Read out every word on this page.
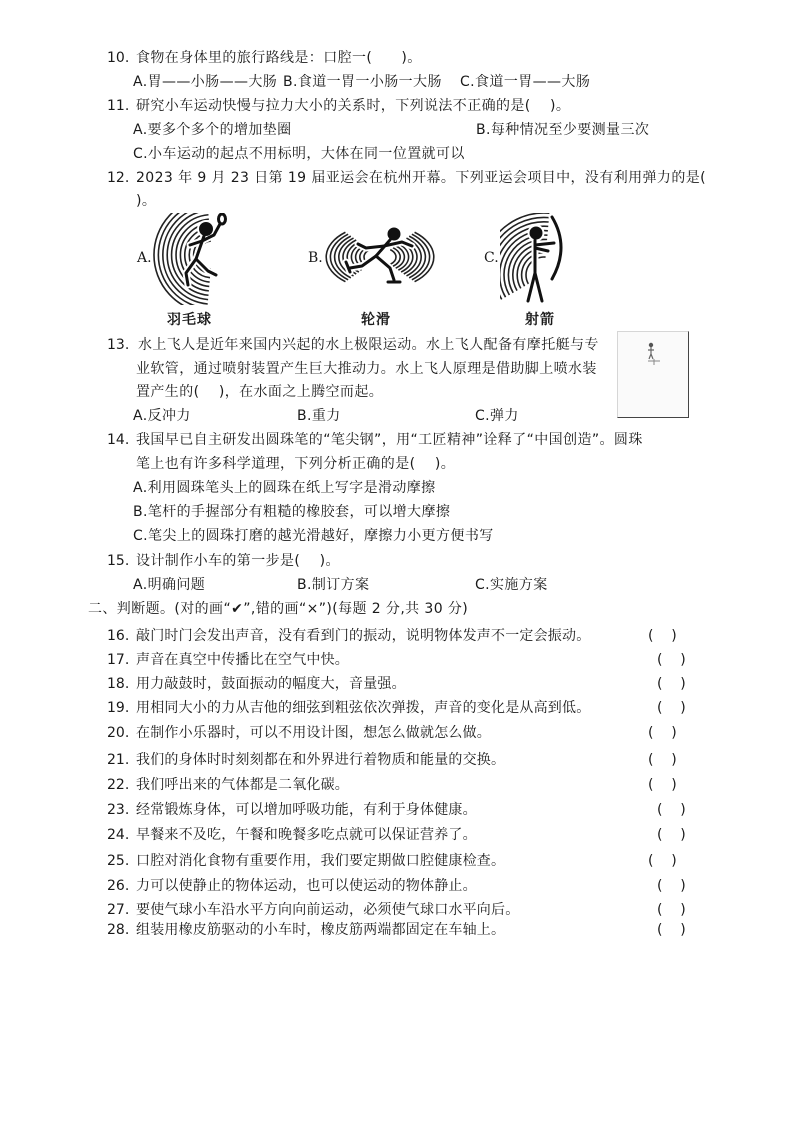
10. 食物在身体里的旅行路线是：口腔一(      )。
A.胃——小肠——大肠 B.食道一胃一小肠一大肠 C.食道一胃——大肠
11. 研究小车运动快慢与拉力大小的关系时，下列说法不正确的是(    )。
A.要多个多个的增加垫圈	B.每种情况至少要测量三次
C.小车运动的起点不用标明，大体在同一位置就可以
12. 2023 年 9 月 23 日第 19 届亚运会在杭州开幕。下列亚运会项目中，没有利用弹力的是(
)。
A.
羽毛球
B.
轮滑
C.
射箭
13. 水上飞人是近年来国内兴起的水上极限运动。水上飞人配备有摩托艇与专
业软管，通过喷射装置产生巨大推动力。水上飞人原理是借助脚上喷水装
置产生的(    )，在水面之上腾空而起。
A.反冲力	B.重力	C.弹力
14. 我国早已自主研发出圆珠笔的“笔尖钢”，用“工匠精神”诠释了“中国创造”。圆珠
笔上也有许多科学道理，下列分析正确的是(    )。
A.利用圆珠笔头上的圆珠在纸上写字是滑动摩擦
B.笔杆的手握部分有粗糙的橡胶套，可以增大摩擦
C.笔尖上的圆珠打磨的越光滑越好，摩擦力小更方便书写
15. 设计制作小车的第一步是(    )。
A.明确问题	B.制订方案	C.实施方案
二、判断题。(对的画“✔”,错的画“×”)(每题 2 分,共 30 分)
16. 敲门时门会发出声音，没有看到门的振动，说明物体发声不一定会振动。	(    )
17. 声音在真空中传播比在空气中快。	(    )
18. 用力敲鼓时，鼓面振动的幅度大，音量强。	(    )
19. 用相同大小的力从吉他的细弦到粗弦依次弹拨，声音的变化是从高到低。	(    )
20. 在制作小乐器时，可以不用设计图，想怎么做就怎么做。	(    )
21. 我们的身体时时刻刻都在和外界进行着物质和能量的交换。	(    )
22. 我们呼出来的气体都是二氧化碳。	(    )
23. 经常锻炼身体，可以增加呼吸功能，有利于身体健康。	(    )
24. 早餐来不及吃，午餐和晚餐多吃点就可以保证营养了。	(    )
25. 口腔对消化食物有重要作用，我们要定期做口腔健康检查。	(    )
26. 力可以使静止的物体运动，也可以使运动的物体静止。	(    )
27. 要使气球小车沿水平方向向前运动，必须使气球口水平向后。	(    )
28. 组装用橡皮筋驱动的小车时，橡皮筋两端都固定在车轴上。	(    )
